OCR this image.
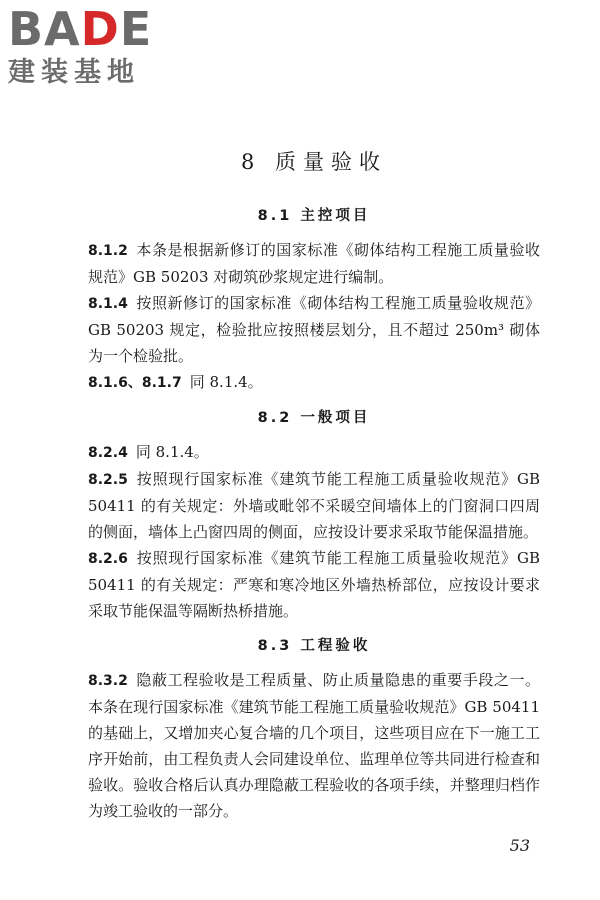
BADE
建装基地
8 质量验收
8.1 主控项目

8.1.2 本条是根据新修订的国家标准《砌体结构工程施工质量验收规范》GB 50203 对砌筑砂浆规定进行编制。

8.1.4 按照新修订的国家标准《砌体结构工程施工质量验收规范》GB 50203 规定，检验批应按照楼层划分，且不超过 250m³ 砌体为一个检验批。

8.1.6、8.1.7 同 8.1.4。

8.2 一般项目

8.2.4 同 8.1.4。

8.2.5 按照现行国家标准《建筑节能工程施工质量验收规范》GB 50411 的有关规定：外墙或毗邻不采暖空间墙体上的门窗洞口四周的侧面，墙体上凸窗四周的侧面，应按设计要求采取节能保温措施。

8.2.6 按照现行国家标准《建筑节能工程施工质量验收规范》GB 50411 的有关规定：严寒和寒冷地区外墙热桥部位，应按设计要求采取节能保温等隔断热桥措施。

8.3 工程验收

8.3.2 隐蔽工程验收是工程质量、防止质量隐患的重要手段之一。本条在现行国家标准《建筑节能工程施工质量验收规范》GB 50411 的基础上，又增加夹心复合墙的几个项目，这些项目应在下一施工工序开始前，由工程负责人会同建设单位、监理单位等共同进行检查和验收。验收合格后认真办理隐蔽工程验收的各项手续，并整理归档作为竣工验收的一部分。

53
